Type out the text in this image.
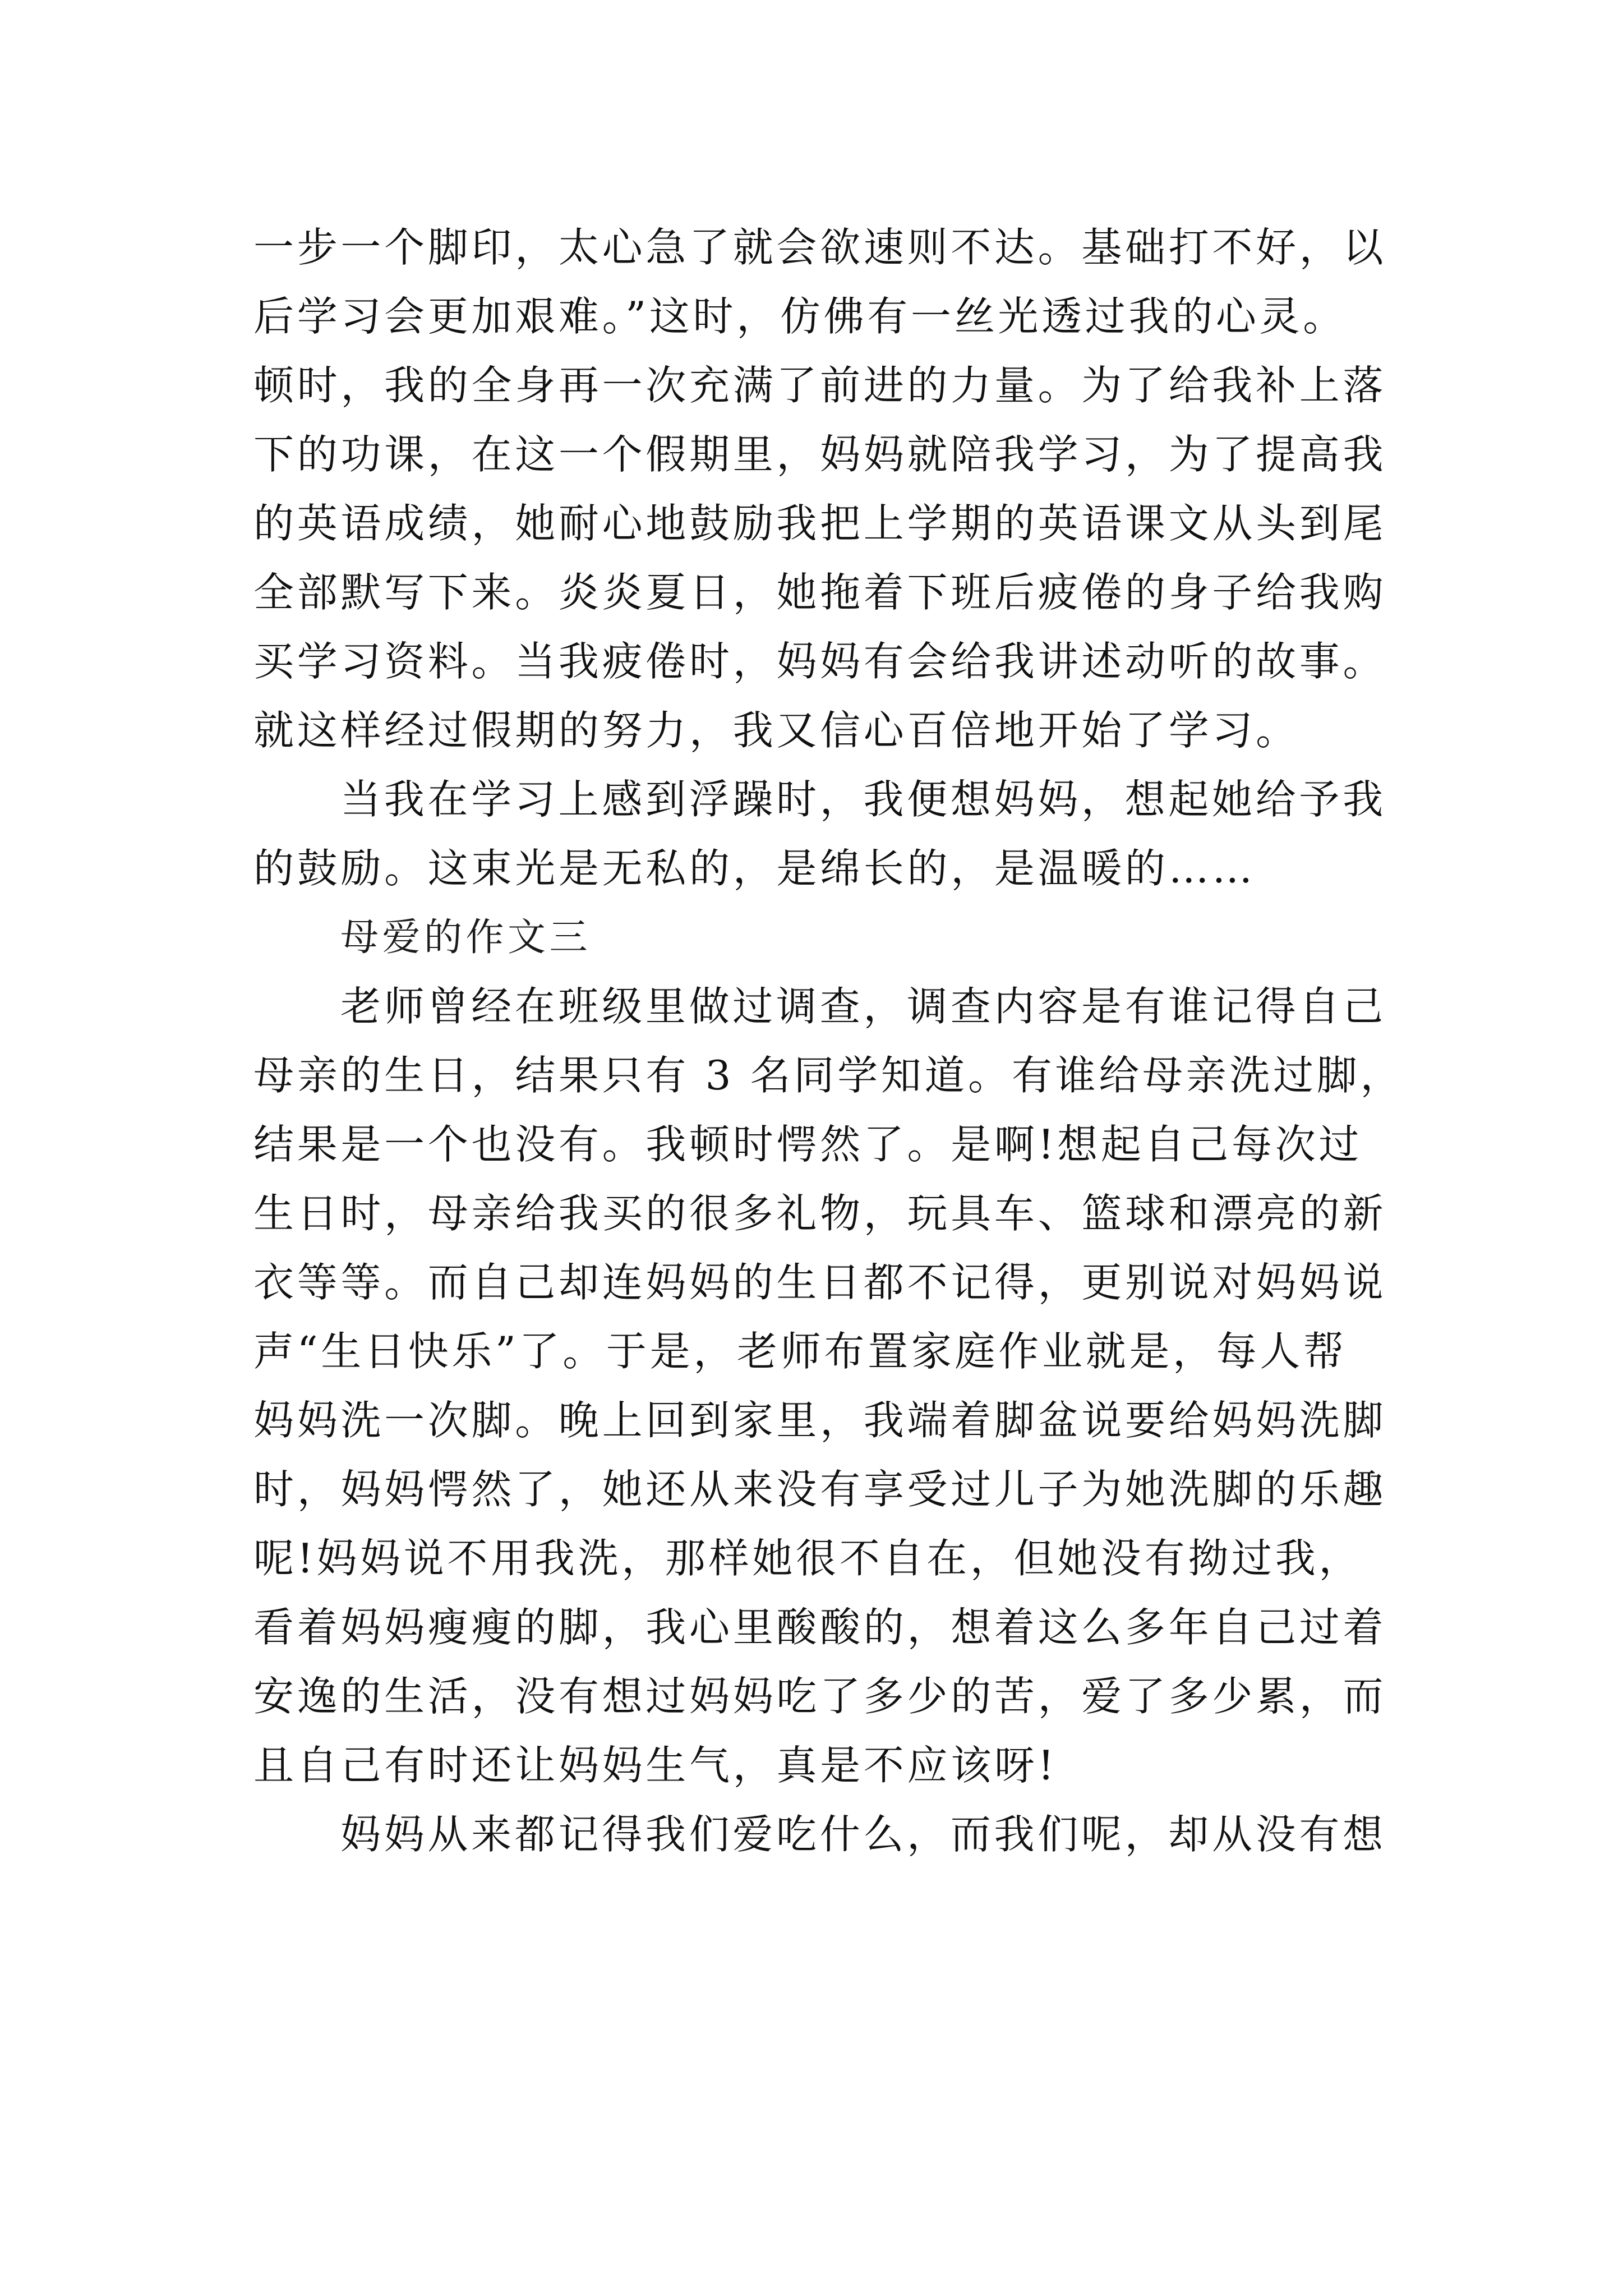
一步一个脚印，太心急了就会欲速则不达。基础打不好，以
后学习会更加艰难。”这时，仿佛有一丝光透过我的心灵。
顿时，我的全身再一次充满了前进的力量。为了给我补上落
下的功课，在这一个假期里，妈妈就陪我学习，为了提高我
的英语成绩，她耐心地鼓励我把上学期的英语课文从头到尾
全部默写下来。炎炎夏日，她拖着下班后疲倦的身子给我购
买学习资料。当我疲倦时，妈妈有会给我讲述动听的故事。
就这样经过假期的努力，我又信心百倍地开始了学习。
当我在学习上感到浮躁时，我便想妈妈，想起她给予我
的鼓励。这束光是无私的，是绵长的，是温暖的……
母爱的作文三
老师曾经在班级里做过调查，调查内容是有谁记得自己
母亲的生日，结果只有 3 名同学知道。有谁给母亲洗过脚，
结果是一个也没有。我顿时愕然了。是啊!想起自己每次过
生日时，母亲给我买的很多礼物，玩具车、篮球和漂亮的新
衣等等。而自己却连妈妈的生日都不记得，更别说对妈妈说
声“生日快乐”了。于是，老师布置家庭作业就是，每人帮
妈妈洗一次脚。晚上回到家里，我端着脚盆说要给妈妈洗脚
时，妈妈愕然了，她还从来没有享受过儿子为她洗脚的乐趣
呢!妈妈说不用我洗，那样她很不自在，但她没有拗过我，
看着妈妈瘦瘦的脚，我心里酸酸的，想着这么多年自己过着
安逸的生活，没有想过妈妈吃了多少的苦，爱了多少累，而
且自己有时还让妈妈生气，真是不应该呀!
妈妈从来都记得我们爱吃什么，而我们呢，却从没有想
